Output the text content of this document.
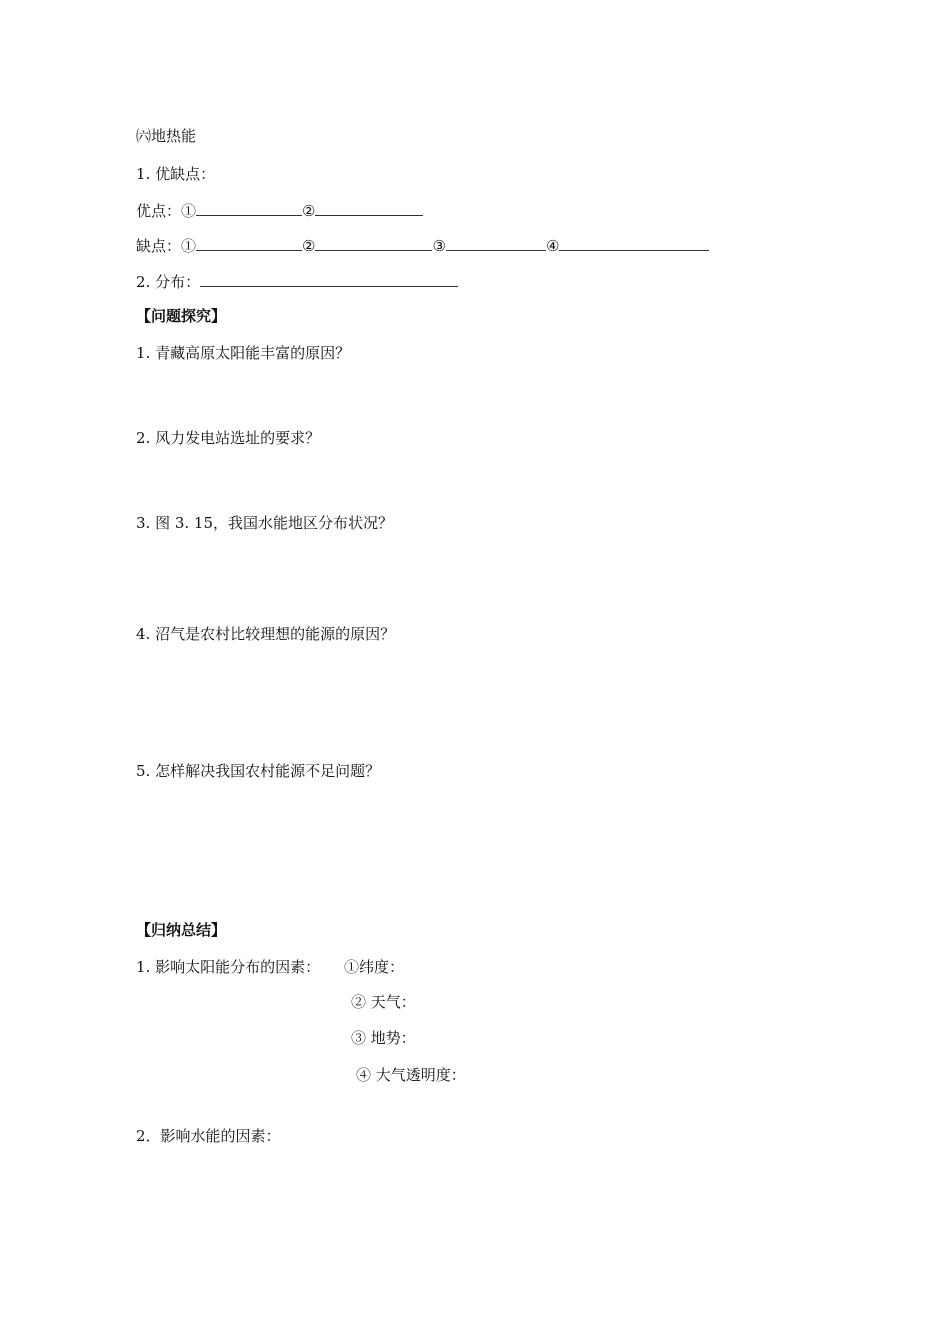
㈥地热能
1. 优缺点：
优点：①	②
缺点：①	②	③	④
2. 分布：
【问题探究】
1. 青藏高原太阳能丰富的原因？
2. 风力发电站选址的要求？
3. 图 3. 15，我国水能地区分布状况？
4. 沼气是农村比较理想的能源的原因？
5. 怎样解决我国农村能源不足问题？
【归纳总结】
1. 影响太阳能分布的因素： ①纬度：
② 天气：
③ 地势：
④ 大气透明度：
2．影响水能的因素：
